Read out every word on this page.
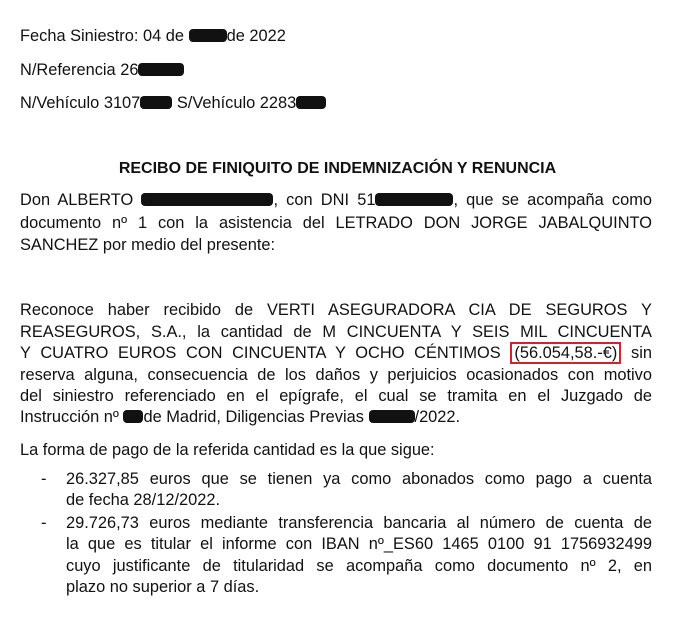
Fecha Siniestro: 04 de	de 2022
N/Referencia 26
N/Vehículo 3107 S/Vehículo 2283
RECIBO DE FINIQUITO DE INDEMNIZACIÓN Y RENUNCIA
Don ALBERTO	, con DNI 51	, que se acompaña como
documento nº 1 con la asistencia del LETRADO DON JORGE JABALQUINTO
SANCHEZ por medio del presente:
Reconoce haber recibido de VERTI ASEGURADORA CIA DE SEGUROS Y
REASEGUROS, S.A., la cantidad de M CINCUENTA Y SEIS MIL CINCUENTA
Y CUATRO EUROS CON CINCUENTA Y OCHO CÉNTIMOS (56.054,58.-€) sin
reserva alguna, consecuencia de los daños y perjuicios ocasionados con motivo
del siniestro referenciado en el epígrafe, el cual se tramita en el Juzgado de
Instrucción nº de Madrid, Diligencias Previas	/2022.
La forma de pago de la referida cantidad es la que sigue:
- 26.327,85 euros que se tienen ya como abonados como pago a cuenta
de fecha 28/12/2022.
- 29.726,73 euros mediante transferencia bancaria al número de cuenta de
la que es titular el informe con IBAN nº_ES60 1465 0100 91 1756932499
cuyo justificante de titularidad se acompaña como documento nº 2, en
plazo no superior a 7 días.
